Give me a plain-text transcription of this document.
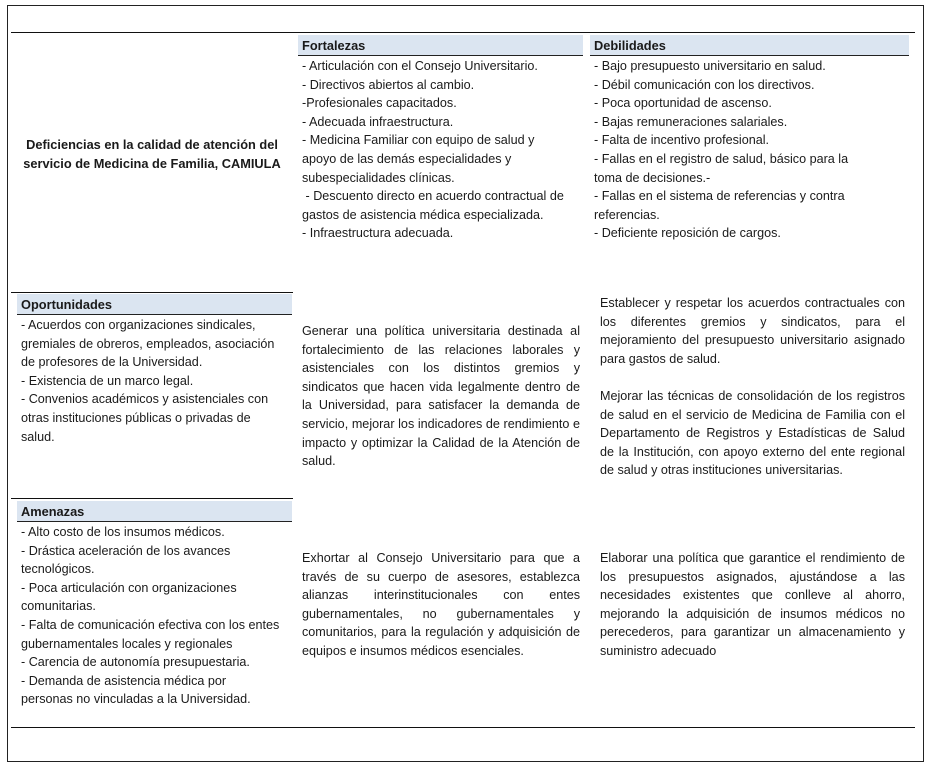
Deficiencias en la calidad de atención del servicio de Medicina de Familia, CAMIULA
Fortalezas
- Articulación con el Consejo Universitario.
- Directivos abiertos al cambio.
-Profesionales capacitados.
- Adecuada infraestructura.
- Medicina Familiar con equipo de salud y apoyo de las demás especialidades y subespecialidades clínicas.
- Descuento directo en acuerdo contractual de gastos de asistencia médica especializada.
- Infraestructura adecuada.
Debilidades
- Bajo presupuesto universitario en salud.
- Débil comunicación con los directivos.
- Poca oportunidad de ascenso.
- Bajas remuneraciones salariales.
- Falta de incentivo profesional.
- Fallas en el registro de salud, básico para la toma de decisiones.-
- Fallas en el sistema de referencias y contra referencias.
- Deficiente reposición de cargos.
Oportunidades
- Acuerdos con organizaciones sindicales, gremiales de obreros, empleados, asociación de profesores de la Universidad.
- Existencia de un marco legal.
- Convenios académicos y asistenciales con otras instituciones públicas o privadas de salud.
Amenazas
- Alto costo de los insumos médicos.
- Drástica aceleración de los avances tecnológicos.
- Poca articulación con organizaciones comunitarias.
- Falta de comunicación efectiva con los entes gubernamentales locales y regionales
- Carencia de autonomía presupuestaria.
- Demanda de asistencia médica por personas no vinculadas a la Universidad.
Generar una política universitaria destinada al fortalecimiento de las relaciones laborales y asistenciales con los distintos gremios y sindicatos que hacen vida legalmente dentro de la Universidad, para satisfacer la demanda de servicio, mejorar los indicadores de rendimiento e impacto y optimizar la Calidad de la Atención de salud.
Establecer y respetar los acuerdos contractuales con los diferentes gremios y sindicatos, para el mejoramiento del presupuesto universitario asignado para gastos de salud.
Mejorar las técnicas de consolidación de los registros de salud en el servicio de Medicina de Familia con el Departamento de Registros y Estadísticas de Salud de la Institución, con apoyo externo del ente regional de salud y otras instituciones universitarias.
Exhortar al Consejo Universitario para que a través de su cuerpo de asesores, establezca alianzas interinstitucionales con entes gubernamentales, no gubernamentales y comunitarios, para la regulación y adquisición de equipos e insumos médicos esenciales.
Elaborar una política que garantice el rendimiento de los presupuestos asignados, ajustándose a las necesidades existentes que conlleve al ahorro, mejorando la adquisición de insumos médicos no perecederos, para garantizar un almacenamiento y suministro adecuado
